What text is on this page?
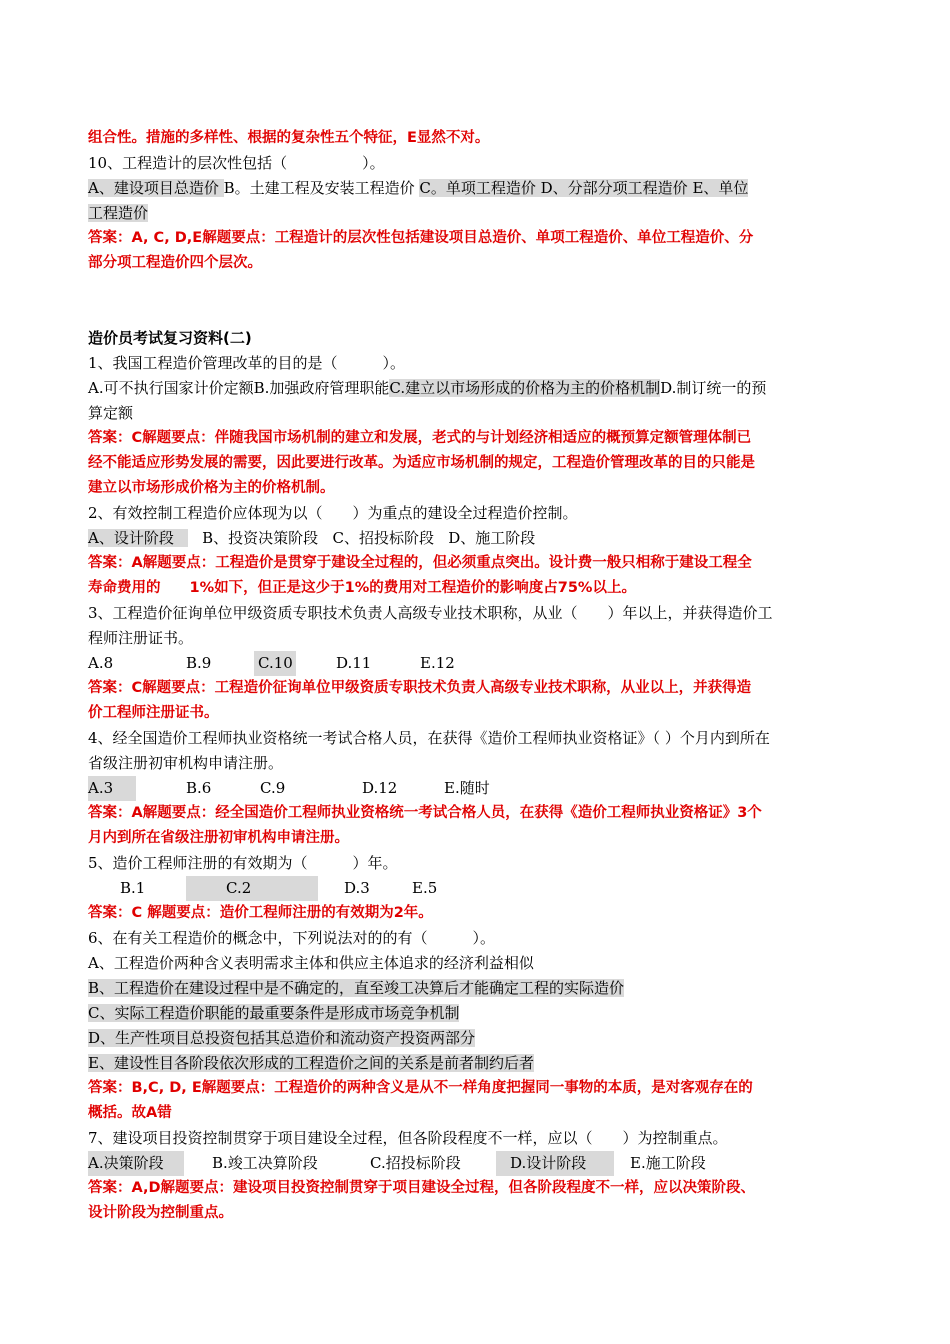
组合性。措施的多样性、根据的复杂性五个特征，E显然不对。
10、工程造计的层次性包括（　　　　　）。
A、建设项目总造价 B。土建工程及安装工程造价 C。单项工程造价 D、分部分项工程造价 E、单位
工程造价
答案：A, C, D,E解题要点：工程造计的层次性包括建设项目总造价、单项工程造价、单位工程造价、分
部分项工程造价四个层次。
造价员考试复习资料(二)
1、我国工程造价管理改革的目的是（　　　）。
A.可不执行国家计价定额B.加强政府管理职能C.建立以市场形成的价格为主的价格机制D.制订统一的预
算定额
答案：C解题要点：伴随我国市场机制的建立和发展，老式的与计划经济相适应的概预算定额管理体制已
经不能适应形势发展的需要，因此要进行改革。为适应市场机制的规定，工程造价管理改革的目的只能是
建立以市场形成价格为主的价格机制。
2、有效控制工程造价应体现为以（　　）为重点的建设全过程造价控制。
A、设计阶段   B、投资决策阶段   C、招投标阶段   D、施工阶段
答案：A解题要点：工程造价是贯穿于建设全过程的，但必须重点突出。设计费一般只相称于建设工程全
寿命费用的　　1%如下，但正是这少于1%的费用对工程造价的影响度占75%以上。
3、工程造价征询单位甲级资质专职技术负责人高级专业技术职称，从业（　　）年以上，并获得造价工
程师注册证书。
A.8	B.9	C.10	D.11	E.12
答案：C解题要点：工程造价征询单位甲级资质专职技术负责人高级专业技术职称，从业以上，并获得造
价工程师注册证书。
4、经全国造价工程师执业资格统一考试合格人员，在获得《造价工程师执业资格证》（ ）个月内到所在
省级注册初审机构申请注册。
A.3	B.6	C.9	D.12	E.随时
答案：A解题要点：经全国造价工程师执业资格统一考试合格人员，在获得《造价工程师执业资格证》3个
月内到所在省级注册初审机构申请注册。
5、造价工程师注册的有效期为（　　　）年。
B.1	C.2	D.3	E.5
答案：C 解题要点：造价工程师注册的有效期为2年。
6、在有关工程造价的概念中，下列说法对的的有（　　　）。
A、工程造价两种含义表明需求主体和供应主体追求的经济利益相似
B、工程造价在建设过程中是不确定的，直至竣工决算后才能确定工程的实际造价
C、实际工程造价职能的最重要条件是形成市场竞争机制
D、生产性项目总投资包括其总造价和流动资产投资两部分
E、建设性目各阶段依次形成的工程造价之间的关系是前者制约后者
答案：B,C, D, E解题要点：工程造价的两种含义是从不一样角度把握同一事物的本质，是对客观存在的
概括。故A错
7、建设项目投资控制贯穿于项目建设全过程，但各阶段程度不一样，应以（　　）为控制重点。
A.决策阶段	B.竣工决算阶段	C.招投标阶段	D.设计阶段	E.施工阶段
答案：A,D解题要点：建设项目投资控制贯穿于项目建设全过程，但各阶段程度不一样，应以决策阶段、
设计阶段为控制重点。
